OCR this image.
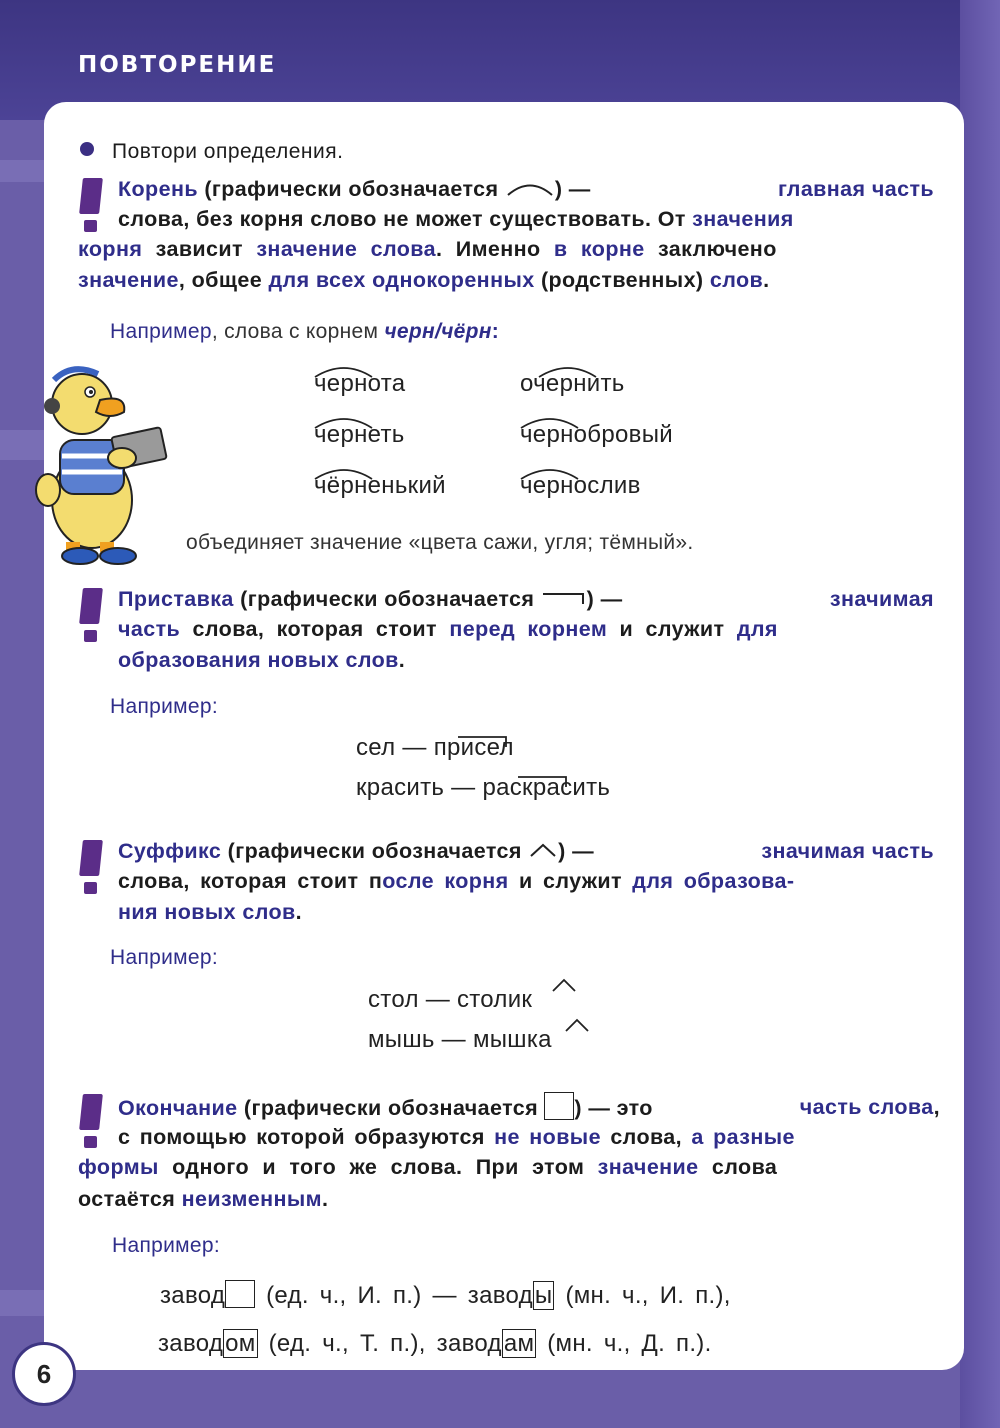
ПОВТОРЕНИЕ
Повтори определения.
Корень (графически обозначается	) —	главная часть
слова, без корня слово не может существовать. От значения
корня зависит значение слова. Именно в корне заключено
значение, общее для всех однокоренных (родственных) слов.
Например, слова с корнем черн/чёрн:
чернота	очернить
чернеть	чернобровый
чёрненький	чернослив
объединяет значение «цвета сажи, угля; тёмный».
Приставка (графически обозначается ) —	значимая
часть слова, которая стоит перед корнем и служит для
образования новых слов.
Например:
сел — присел
красить — раскрасить
Суффикс (графически обозначается ) —	значимая часть
слова, которая стоит после корня и служит для образова-
ния новых слов.
Например:
стол — столик
мышь — мышка
Окончание (графически обозначается ) — это	часть слова,
с помощью которой образуются не новые слова, а разные
формы одного и того же слова. При этом значение слова
остаётся неизменным.
Например:
завод (ед. ч., И. п.) — заводы (мн. ч., И. п.),
заводом (ед. ч., Т. п.), заводам (мн. ч., Д. п.).
6
